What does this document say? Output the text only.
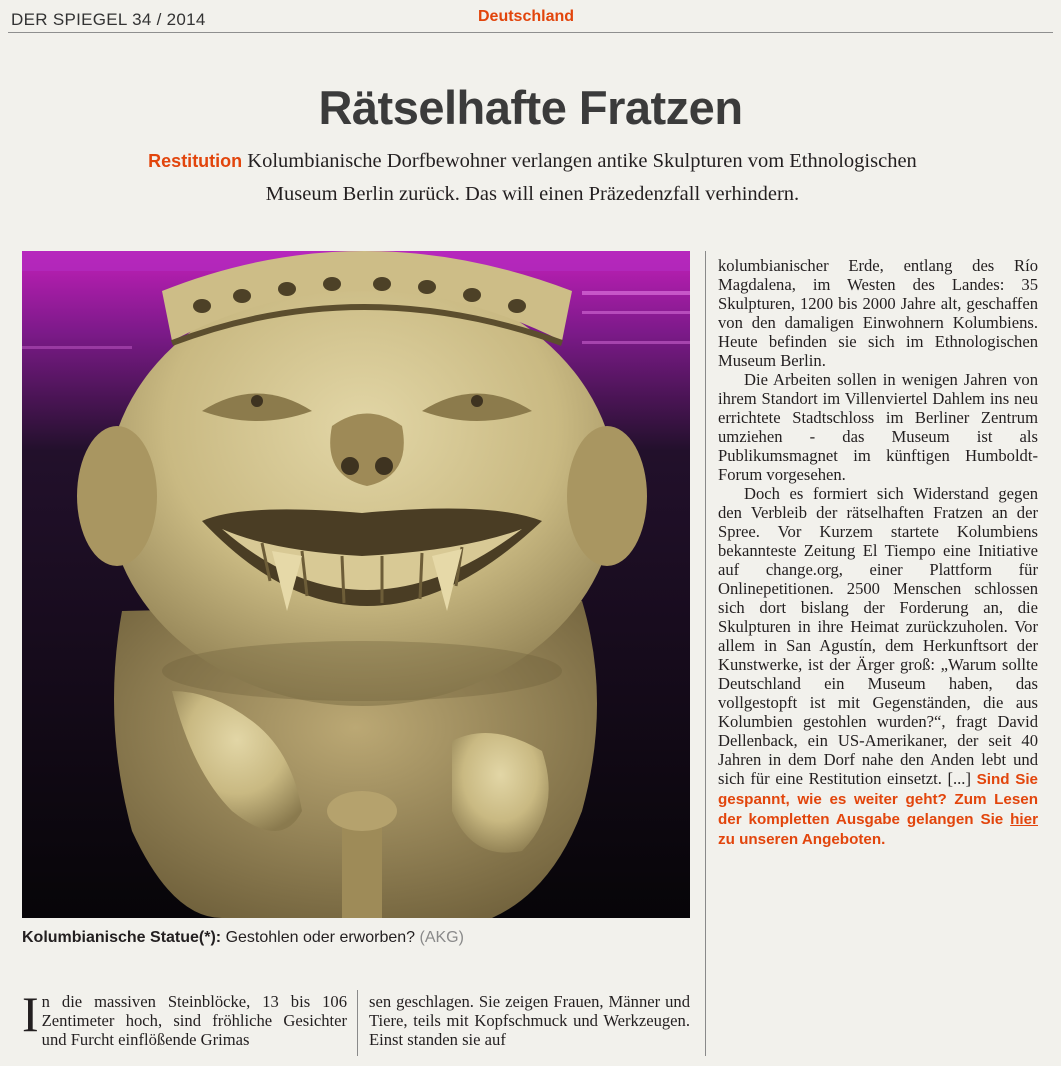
DER SPIEGEL 34 / 2014	Deutschland
Rätselhafte Fratzen

Restitution Kolumbianische Dorfbewohner verlangen antike Skulpturen vom Ethnologischen Museum Berlin zurück. Das will einen Präzedenzfall verhindern.

Kolumbianische Statue(*): Gestohlen oder erworben? (AKG)

In die massiven Steinblöcke, 13 bis 106 Zentimeter hoch, sind fröhliche Gesichter und Furcht einflößende Grimas
sen geschlagen. Sie zeigen Frauen, Männer und Tiere, teils mit Kopfschmuck und Werkzeugen. Einst standen sie auf

kolumbianischer Erde, entlang des Río Magdalena, im Westen des Landes: 35 Skulpturen, 1200 bis 2000 Jahre alt, geschaffen von den damaligen Einwohnern Kolumbiens. Heute befinden sie sich im Ethnologischen Museum Berlin.

Die Arbeiten sollen in wenigen Jahren von ihrem Standort im Villenviertel Dahlem ins neu errichtete Stadtschloss im Berliner Zentrum umziehen - das Museum ist als Publikumsmagnet im künftigen Humboldt-Forum vorgesehen.

Doch es formiert sich Widerstand gegen den Verbleib der rätselhaften Fratzen an der Spree. Vor Kurzem startete Kolumbiens bekannteste Zeitung El Tiempo eine Initiative auf change.org, einer Plattform für Onlinepetitionen. 2500 Menschen schlossen sich dort bislang der Forderung an, die Skulpturen in ihre Heimat zurückzuholen. Vor allem in San Agustín, dem Herkunftsort der Kunstwerke, ist der Ärger groß: „Warum sollte Deutschland ein Museum haben, das vollgestopft ist mit Gegenständen, die aus Kolumbien gestohlen wurden?“, fragt David Dellenback, ein US-Amerikaner, der seit 40 Jahren in dem Dorf nahe den Anden lebt und sich für eine Restitution einsetzt. [...] Sind Sie gespannt, wie es weiter geht? Zum Lesen der kompletten Ausgabe gelangen Sie hier zu unseren Angeboten.
